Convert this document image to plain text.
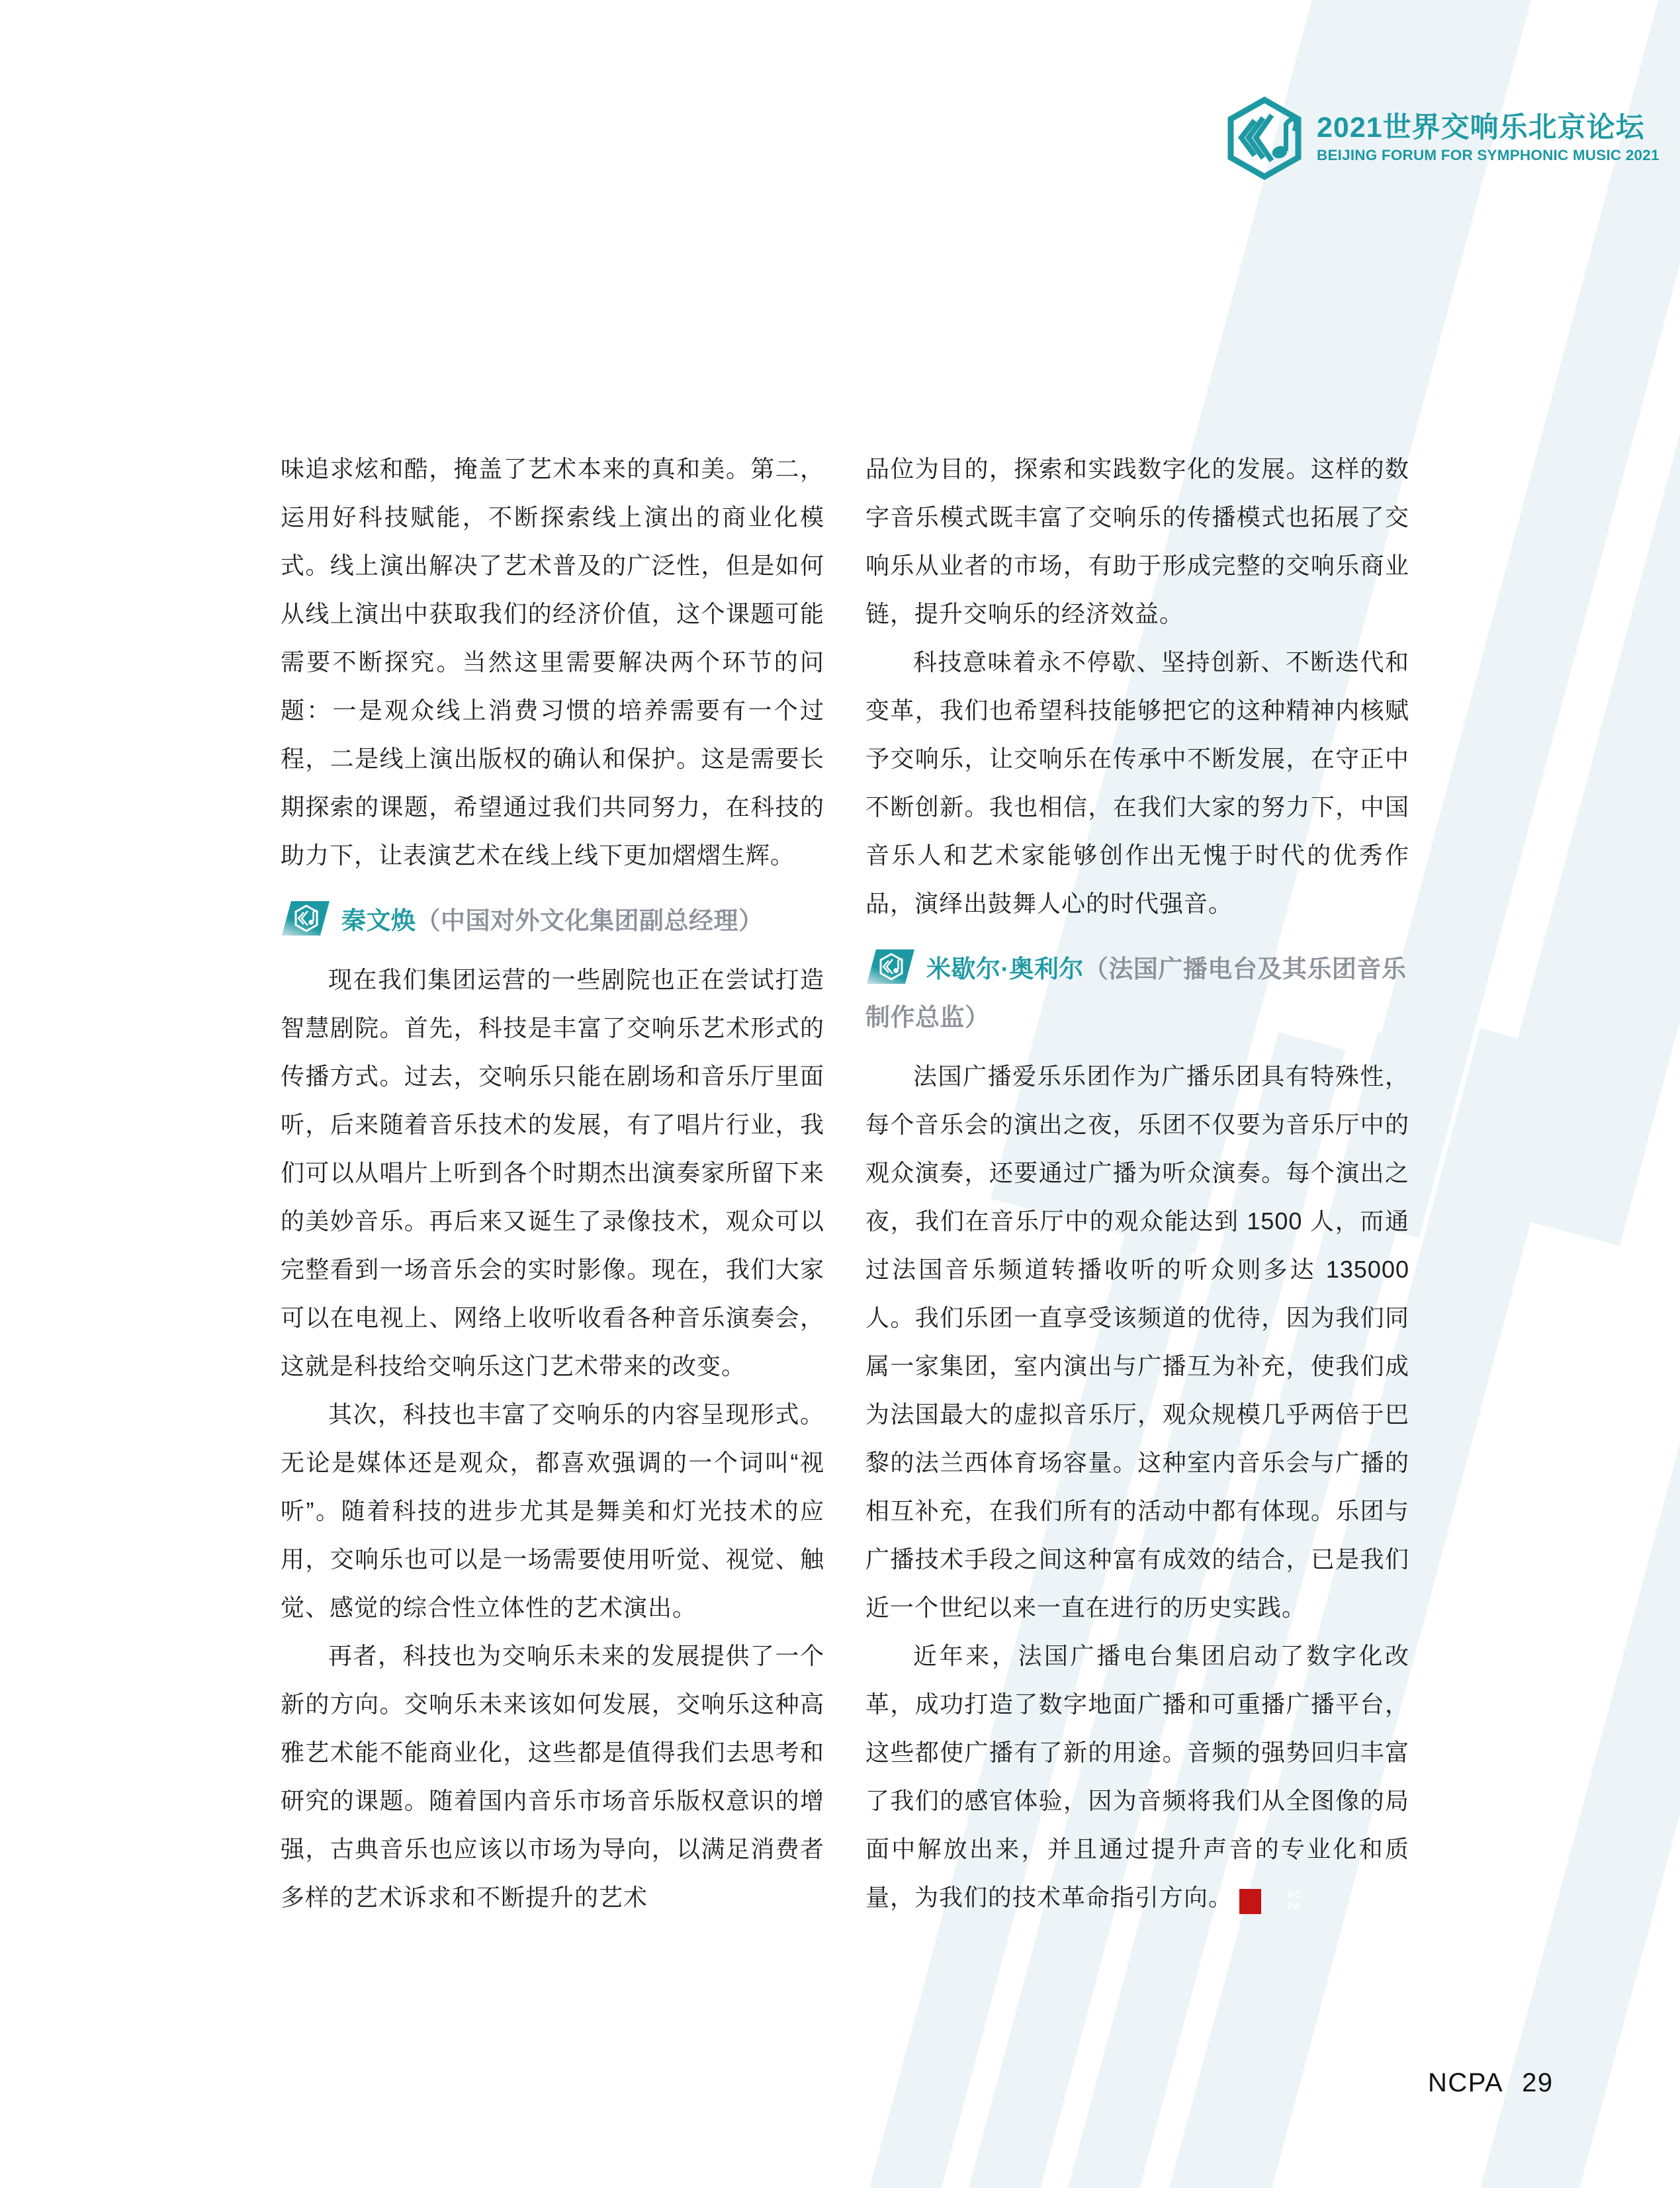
2021世界交响乐北京论坛
BEIJING FORUM FOR SYMPHONIC MUSIC 2021

味追求炫和酷，掩盖了艺术本来的真和美。第二，运用好科技赋能，不断探索线上演出的商业化模式。线上演出解决了艺术普及的广泛性，但是如何从线上演出中获取我们的经济价值，这个课题可能需要不断探究。当然这里需要解决两个环节的问题：一是观众线上消费习惯的培养需要有一个过程，二是线上演出版权的确认和保护。这是需要长期探索的课题，希望通过我们共同努力，在科技的助力下，让表演艺术在线上线下更加熠熠生辉。

秦文焕（中国对外文化集团副总经理）

现在我们集团运营的一些剧院也正在尝试打造智慧剧院。首先，科技是丰富了交响乐艺术形式的传播方式。过去，交响乐只能在剧场和音乐厅里面听，后来随着音乐技术的发展，有了唱片行业，我们可以从唱片上听到各个时期杰出演奏家所留下来的美妙音乐。再后来又诞生了录像技术，观众可以完整看到一场音乐会的实时影像。现在，我们大家可以在电视上、网络上收听收看各种音乐演奏会，这就是科技给交响乐这门艺术带来的改变。

其次，科技也丰富了交响乐的内容呈现形式。无论是媒体还是观众，都喜欢强调的一个词叫“视听”。随着科技的进步尤其是舞美和灯光技术的应用，交响乐也可以是一场需要使用听觉、视觉、触觉、感觉的综合性立体性的艺术演出。

再者，科技也为交响乐未来的发展提供了一个新的方向。交响乐未来该如何发展，交响乐这种高雅艺术能不能商业化，这些都是值得我们去思考和研究的课题。随着国内音乐市场音乐版权意识的增强，古典音乐也应该以市场为导向，以满足消费者多样的艺术诉求和不断提升的艺术

品位为目的，探索和实践数字化的发展。这样的数字音乐模式既丰富了交响乐的传播模式也拓展了交响乐从业者的市场，有助于形成完整的交响乐商业链，提升交响乐的经济效益。

科技意味着永不停歇、坚持创新、不断迭代和变革，我们也希望科技能够把它的这种精神内核赋予交响乐，让交响乐在传承中不断发展，在守正中不断创新。我也相信，在我们大家的努力下，中国音乐人和艺术家能够创作出无愧于时代的优秀作品，演绎出鼓舞人心的时代强音。

米歇尔·奥利尔（法国广播电台及其乐团音乐制作总监）

法国广播爱乐乐团作为广播乐团具有特殊性，每个音乐会的演出之夜，乐团不仅要为音乐厅中的观众演奏，还要通过广播为听众演奏。每个演出之夜，我们在音乐厅中的观众能达到 1500 人，而通过法国音乐频道转播收听的听众则多达 135000 人。我们乐团一直享受该频道的优待，因为我们同属一家集团，室内演出与广播互为补充，使我们成为法国最大的虚拟音乐厅，观众规模几乎两倍于巴黎的法兰西体育场容量。这种室内音乐会与广播的相互补充，在我们所有的活动中都有体现。乐团与广播技术手段之间这种富有成效的结合，已是我们近一个世纪以来一直在进行的历史实践。

近年来，法国广播电台集团启动了数字化改革，成功打造了数字地面广播和可重播广播平台，这些都使广播有了新的用途。音频的强势回归丰富了我们的感官体验，因为音频将我们从全图像的局面中解放出来，并且通过提升声音的专业化和质量，为我们的技术革命指引方向。	NC
PA

NCPA 29
